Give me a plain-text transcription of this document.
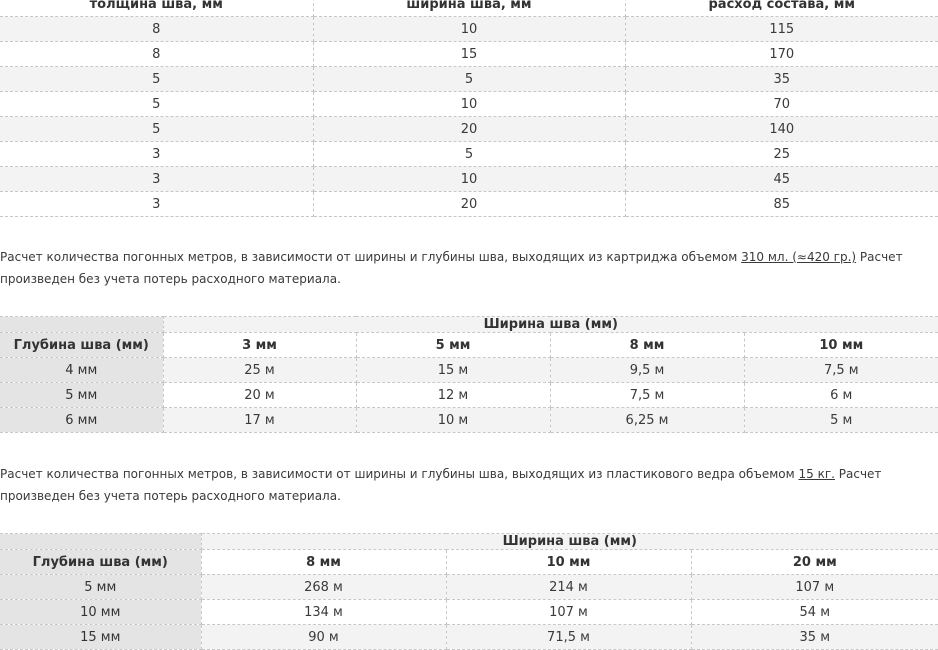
толщина шва, мм	ширина шва, мм	расход состава, мм
8	10	115
8	15	170
5	5	35
5	10	70
5	20	140
3	5	25
3	10	45
3	20	85
Расчет количества погонных метров, в зависимости от ширины и глубины шва, выходящих из картриджа объемом 310 мл. (≈420 гр.) Расчет произведен без учета потерь расходного материала.
	Ширина шва (мм)			
Глубина шва (мм)	3 мм	5 мм	8 мм	10 мм
4 мм	25 м	15 м	9,5 м	7,5 м
5 мм	20 м	12 м	7,5 м	6 м
6 мм	17 м	10 м	6,25 м	5 м
Расчет количества погонных метров, в зависимости от ширины и глубины шва, выходящих из пластикового ведра объемом 15 кг. Расчет произведен без учета потерь расходного материала.
	Ширина шва (мм)		
Глубина шва (мм)	8 мм	10 мм	20 мм
5 мм	268 м	214 м	107 м
10 мм	134 м	107 м	54 м
15 мм	90 м	71,5 м	35 м
